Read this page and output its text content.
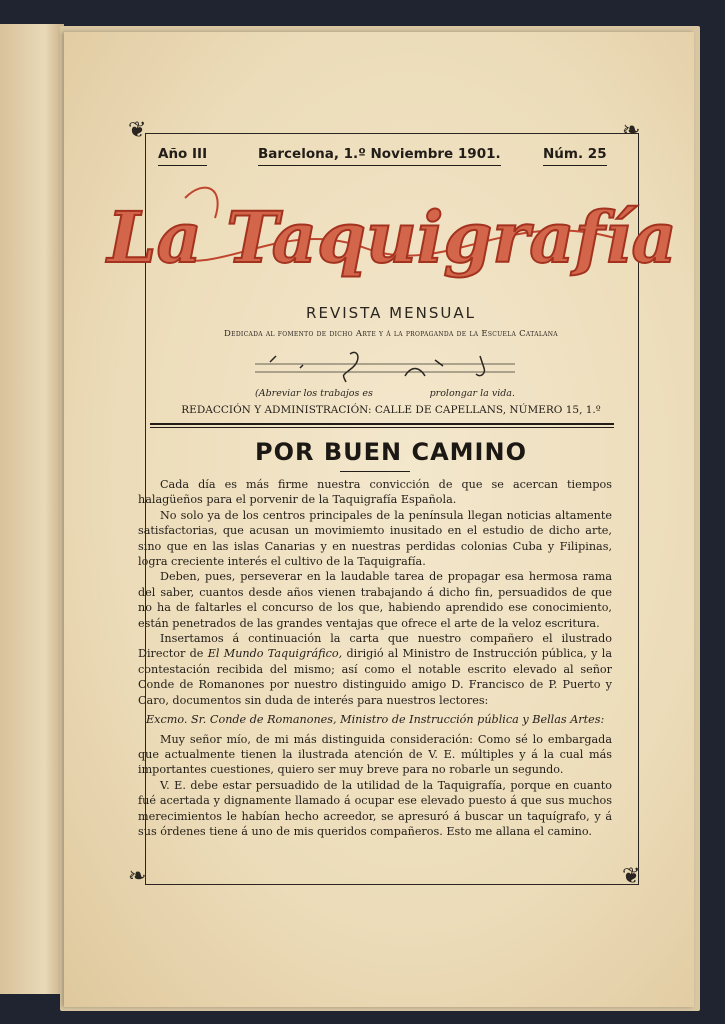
❦	❧
❧	❦
Año III	Barcelona, 1.º Noviembre 1901.	Núm. 25
La Taquigrafía
REVISTA MENSUAL
Dedicada al fomento de dicho Arte y á la propaganda de la Escuela Catalana
(Abreviar los trabajos es	prolongar la vida.
REDACCIÓN Y ADMINISTRACIÓN: CALLE DE CAPELLANS, NÚMERO 15, 1.º
POR BUEN CAMINO

Cada día es más firme nuestra convicción de que se acercan tiempos halagüeños para el porvenir de la Taquigrafía Española.

No solo ya de los centros principales de la península llegan noticias altamente satisfactorias, que acusan un movimiemto inusitado en el estudio de dicho arte, sino que en las islas Canarias y en nuestras perdidas colonias Cuba y Filipinas, logra creciente interés el cultivo de la Taquigrafía.

Deben, pues, perseverar en la laudable tarea de propagar esa hermosa rama del saber, cuantos desde años vienen trabajando á dicho fin, persuadidos de que no ha de faltarles el concurso de los que, habiendo aprendido ese conocimiento, están penetrados de las grandes ventajas que ofrece el arte de la veloz escritura.

Insertamos á continuación la carta que nuestro compañero el ilustrado Director de El Mundo Taquigráfico, dirigió al Ministro de Instrucción pública, y la contestación recibida del mismo; así como el notable escrito elevado al señor Conde de Romanones por nuestro distinguido amigo D. Francisco de P. Puerto y Caro, documentos sin duda de interés para nuestros lectores:

Excmo. Sr. Conde de Romanones, Ministro de Instrucción pública y Bellas Artes:

Muy señor mío, de mi más distinguida consideración: Como sé lo embargada que actualmente tienen la ilustrada atención de V. E. múltiples y á la cual más importantes cuestiones, quiero ser muy breve para no robarle un segundo.

V. E. debe estar persuadido de la utilidad de la Taquigrafía, porque en cuanto fué acertada y dignamente llamado á ocupar ese elevado puesto á que sus muchos merecimientos le habían hecho acreedor, se apresuró á buscar un taquígrafo, y á sus órdenes tiene á uno de mis queridos compañeros. Esto me allana el camino.
